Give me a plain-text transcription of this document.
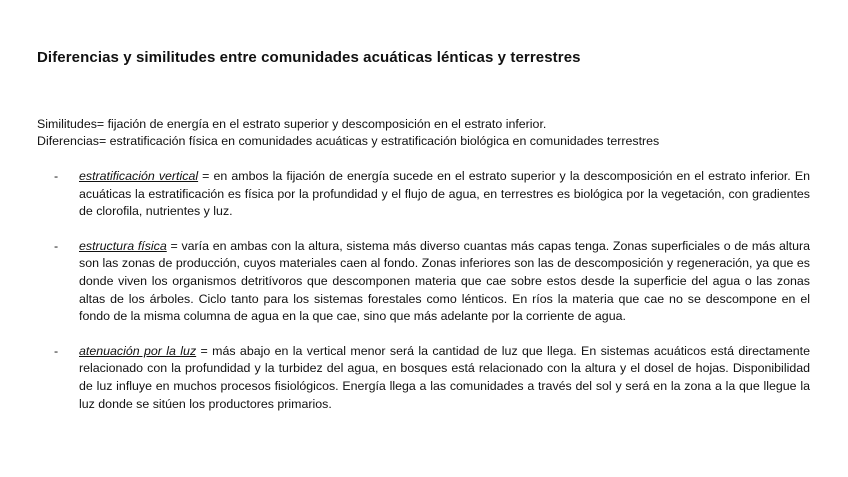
Diferencias y similitudes entre comunidades acuáticas lénticas y terrestres
Similitudes= fijación de energía en el estrato superior y descomposición en el estrato inferior.
Diferencias= estratificación física en comunidades acuáticas y estratificación biológica en comunidades terrestres
- estratificación vertical = en ambos la fijación de energía sucede en el estrato superior y la descomposición en el estrato inferior. En acuáticas la estratificación es física por la profundidad y el flujo de agua, en terrestres es biológica por la vegetación, con gradientes de clorofila, nutrientes y luz.
- estructura física = varía en ambas con la altura, sistema más diverso cuantas más capas tenga. Zonas superficiales o de más altura son las zonas de producción, cuyos materiales caen al fondo. Zonas inferiores son las de descomposición y regeneración, ya que es donde viven los organismos detritívoros que descomponen materia que cae sobre estos desde la superficie del agua o las zonas altas de los árboles. Ciclo tanto para los sistemas forestales como lénticos. En ríos la materia que cae no se descompone en el fondo de la misma columna de agua en la que cae, sino que más adelante por la corriente de agua.
- atenuación por la luz = más abajo en la vertical menor será la cantidad de luz que llega. En sistemas acuáticos está directamente relacionado con la profundidad y la turbidez del agua, en bosques está relacionado con la altura y el dosel de hojas. Disponibilidad de luz influye en muchos procesos fisiológicos. Energía llega a las comunidades a través del sol y será en la zona a la que llegue la luz donde se sitúen los productores primarios.
